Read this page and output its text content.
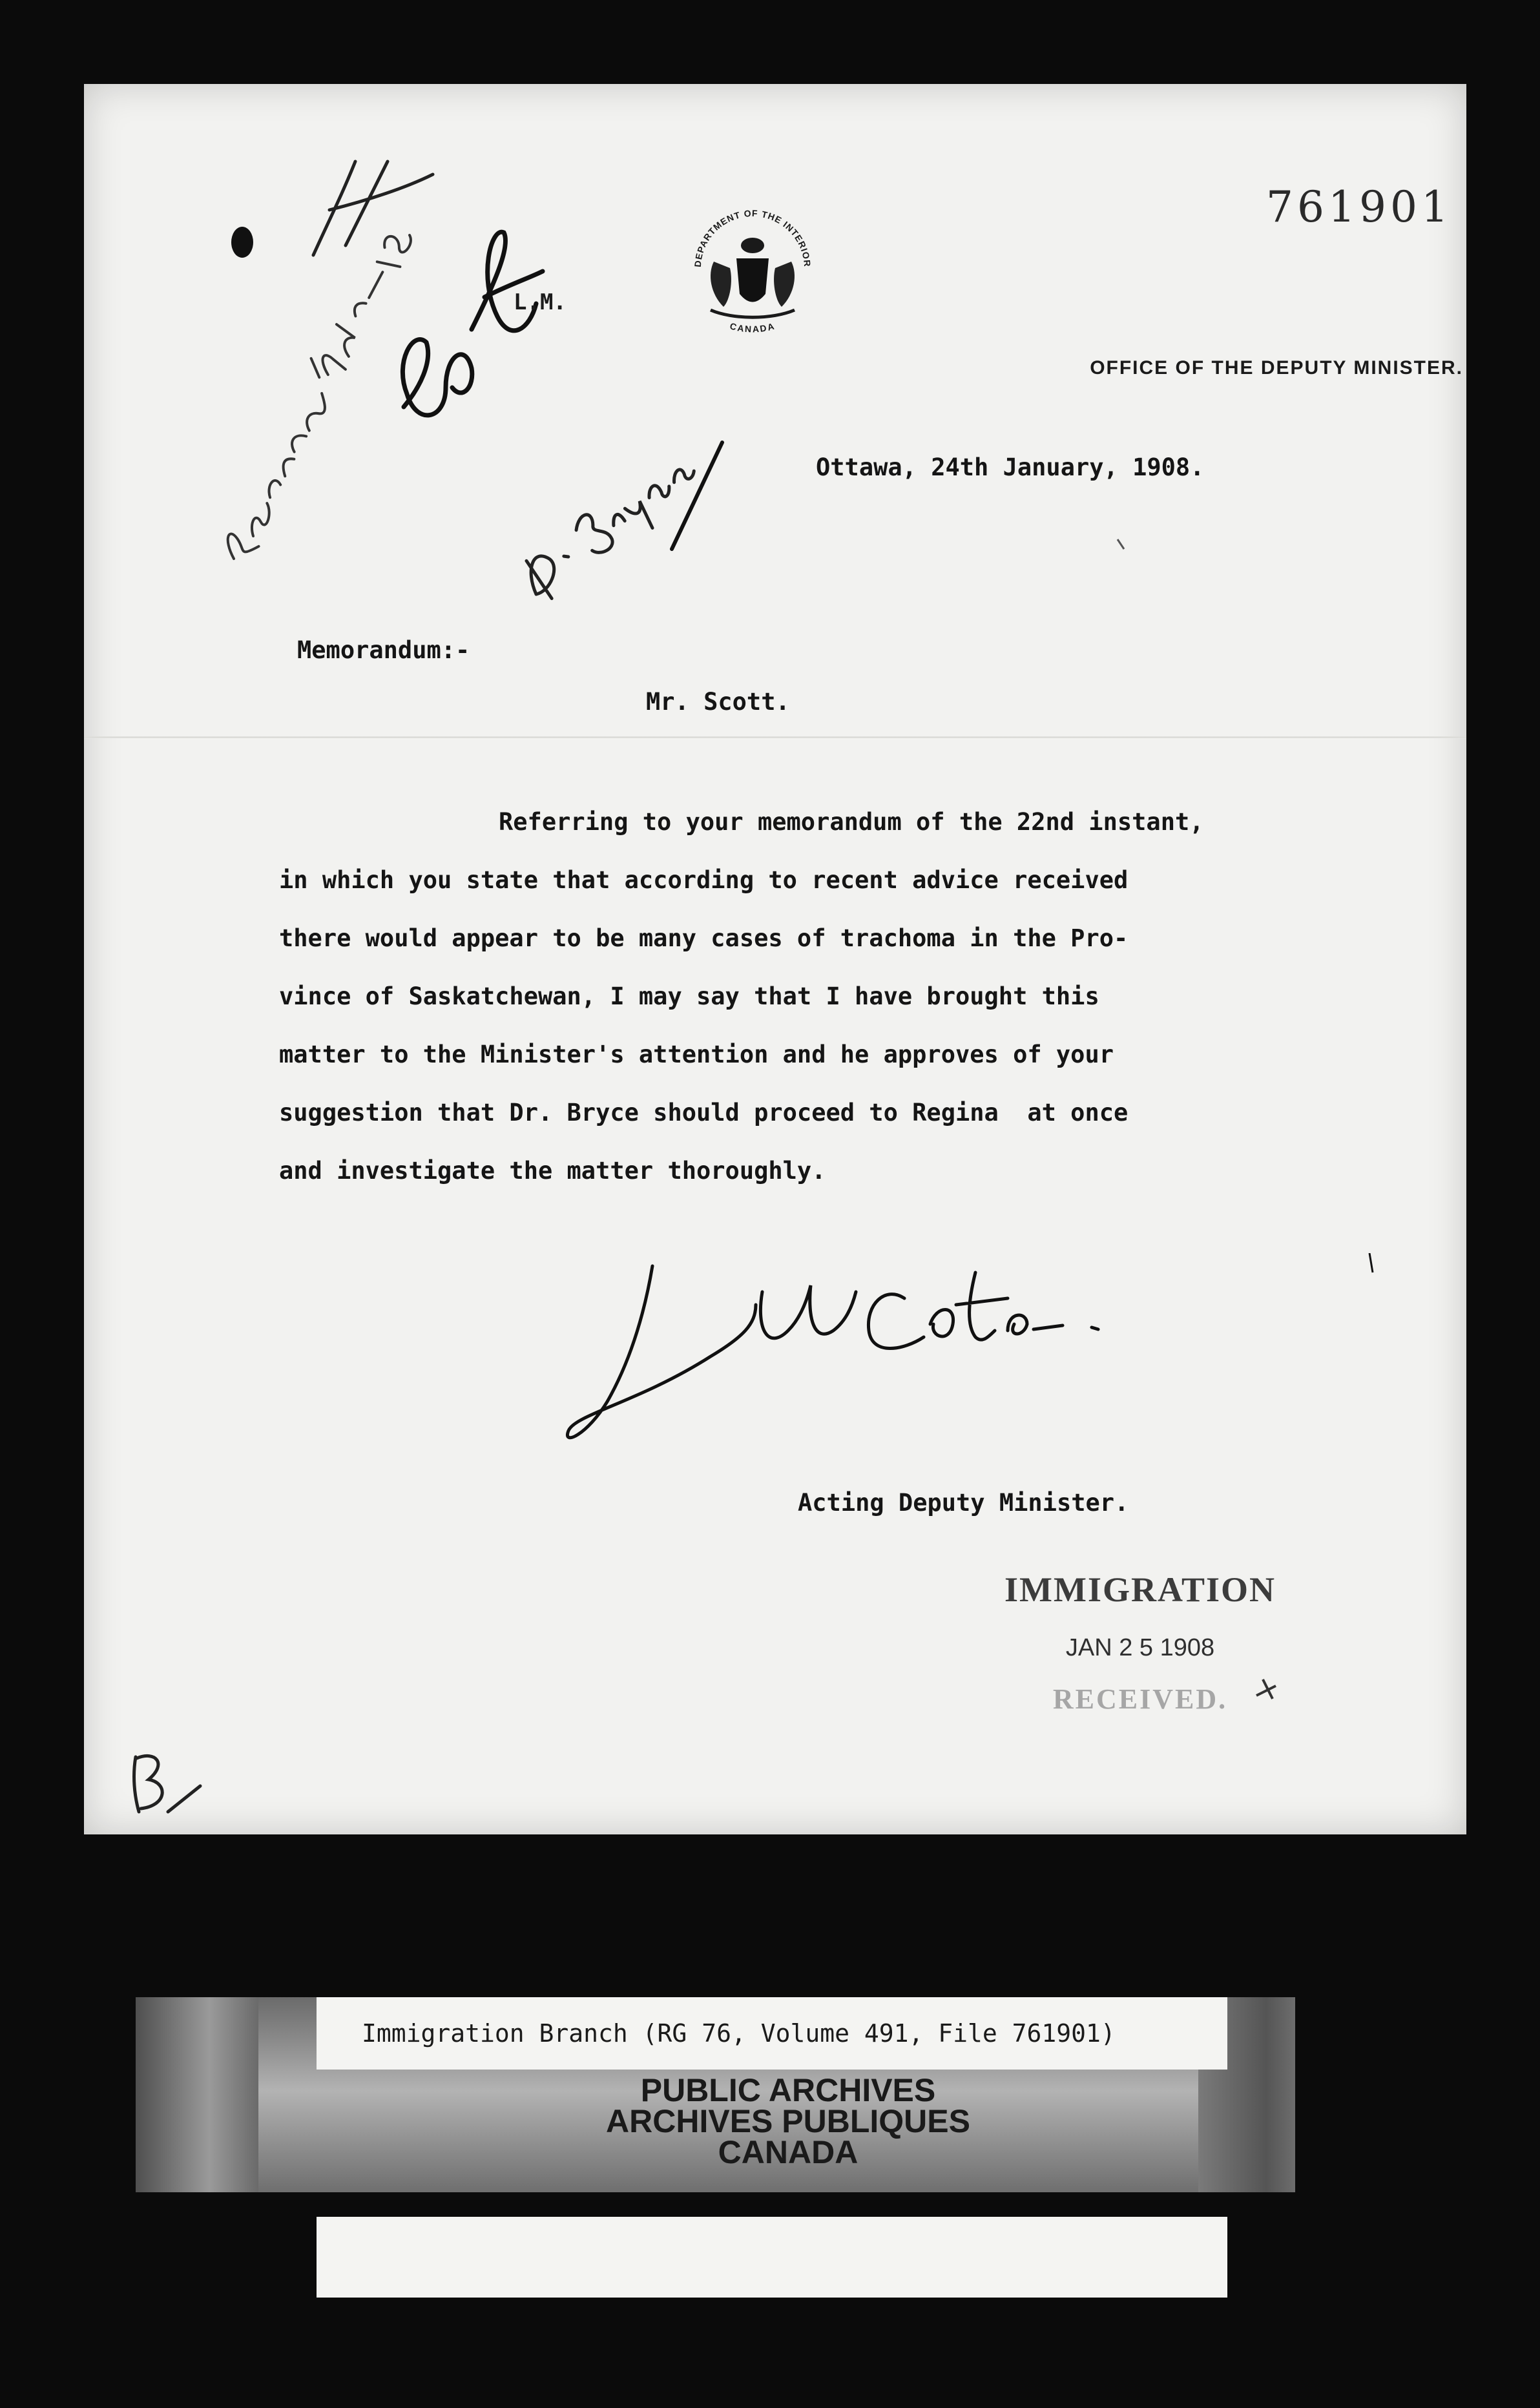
761901
DEPARTMENT OF THE INTERIOR
CANADA
L.M.
OFFICE OF THE DEPUTY MINISTER.
Ottawa, 24th January, 1908.
Memorandum:-
Mr. Scott.
Referring to your memorandum of the 22nd instant,
in which you state that according to recent advice received
there would appear to be many cases of trachoma in the Pro-
vince of Saskatchewan, I may say that I have brought this
matter to the Minister's attention and he approves of your
suggestion that Dr. Bryce should proceed to Regina  at once
and investigate the matter thoroughly.
Acting Deputy Minister.
IMMIGRATION
JAN 2 5 1908
RECEIVED.
Immigration Branch (RG 76, Volume 491, File 761901)
PUBLIC ARCHIVES
ARCHIVES PUBLIQUES
CANADA
